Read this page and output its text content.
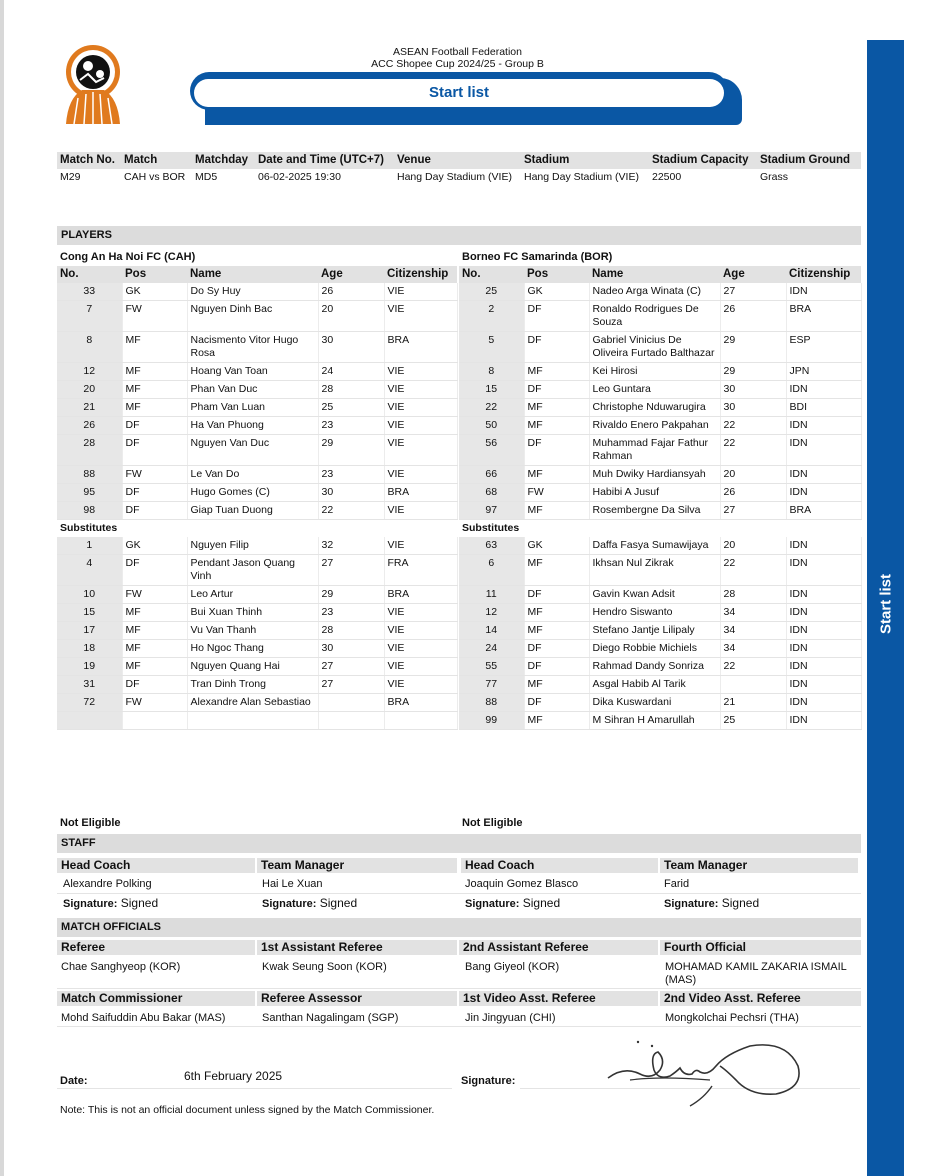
ASEAN Football Federation
ACC Shopee Cup 2024/25 - Group B
Start list
Start list
Match No.	Match	Matchday	Date and Time (UTC+7)	Venue	Stadium	Stadium Capacity	Stadium Ground
M29	CAH vs BOR	MD5	06-02-2025 19:30	Hang Day Stadium (VIE)	Hang Day Stadium (VIE)	22500	Grass
PLAYERS
Cong An Ha Noi FC (CAH)	Borneo FC Samarinda (BOR)
No.	Pos	Name	Age	Citizenship
33	GK	Do Sy Huy	26	VIE
7	FW	Nguyen Dinh Bac	20	VIE
8	MF	Nacismento Vitor Hugo Rosa	30	BRA
12	MF	Hoang Van Toan	24	VIE
20	MF	Phan Van Duc	28	VIE
21	MF	Pham Van Luan	25	VIE
26	DF	Ha Van Phuong	23	VIE
28	DF	Nguyen Van Duc	29	VIE
88	FW	Le Van Do	23	VIE
95	DF	Hugo Gomes (C)	30	BRA
98	DF	Giap Tuan Duong	22	VIE
Substitutes				
1	GK	Nguyen Filip	32	VIE
4	DF	Pendant Jason Quang Vinh	27	FRA
10	FW	Leo Artur	29	BRA
15	MF	Bui Xuan Thinh	23	VIE
17	MF	Vu Van Thanh	28	VIE
18	MF	Ho Ngoc Thang	30	VIE
19	MF	Nguyen Quang Hai	27	VIE
31	DF	Tran Dinh Trong	27	VIE
72	FW	Alexandre Alan Sebastiao		BRA

No.	Pos	Name	Age	Citizenship
25	GK	Nadeo Arga Winata (C)	27	IDN
2	DF	Ronaldo Rodrigues De Souza	26	BRA
5	DF	Gabriel Vinicius De Oliveira Furtado Balthazar	29	ESP
8	MF	Kei Hirosi	29	JPN
15	DF	Leo Guntara	30	IDN
22	MF	Christophe Nduwarugira	30	BDI
50	MF	Rivaldo Enero Pakpahan	22	IDN
56	DF	Muhammad Fajar Fathur Rahman	22	IDN
66	MF	Muh Dwiky Hardiansyah	20	IDN
68	FW	Habibi A Jusuf	26	IDN
97	MF	Rosembergne Da Silva	27	BRA
Substitutes				
63	GK	Daffa Fasya Sumawijaya	20	IDN
6	MF	Ikhsan Nul Zikrak	22	IDN
11	DF	Gavin Kwan Adsit	28	IDN
12	MF	Hendro Siswanto	34	IDN
14	MF	Stefano Jantje Lilipaly	34	IDN
24	DF	Diego Robbie Michiels	34	IDN
55	DF	Rahmad Dandy Sonriza	22	IDN
77	MF	Asgal Habib Al Tarik		IDN
88	DF	Dika Kuswardani	21	IDN
99	MF	M Sihran H Amarullah	25	IDN
Not Eligible	Not Eligible
STAFF
Head Coach	Team Manager	Head Coach	Team Manager
Alexandre Polking	Hai Le Xuan	Joaquin Gomez Blasco	Farid
Signature: Signed	Signature: Signed	Signature: Signed	Signature: Signed
MATCH OFFICIALS
Referee	1st Assistant Referee	2nd Assistant Referee	Fourth Official
Chae Sanghyeop (KOR)	Kwak Seung Soon (KOR)	Bang Giyeol (KOR)	MOHAMAD KAMIL ZAKARIA ISMAIL (MAS)
Match Commissioner	Referee Assessor	1st Video Asst. Referee	2nd Video Asst. Referee
Mohd Saifuddin Abu Bakar (MAS)	Santhan Nagalingam (SGP)	Jin Jingyuan (CHI)	Mongkolchai Pechsri (THA)
Date:	6th February 2025	Signature:
Note: This is not an official document unless signed by the Match Commissioner.
